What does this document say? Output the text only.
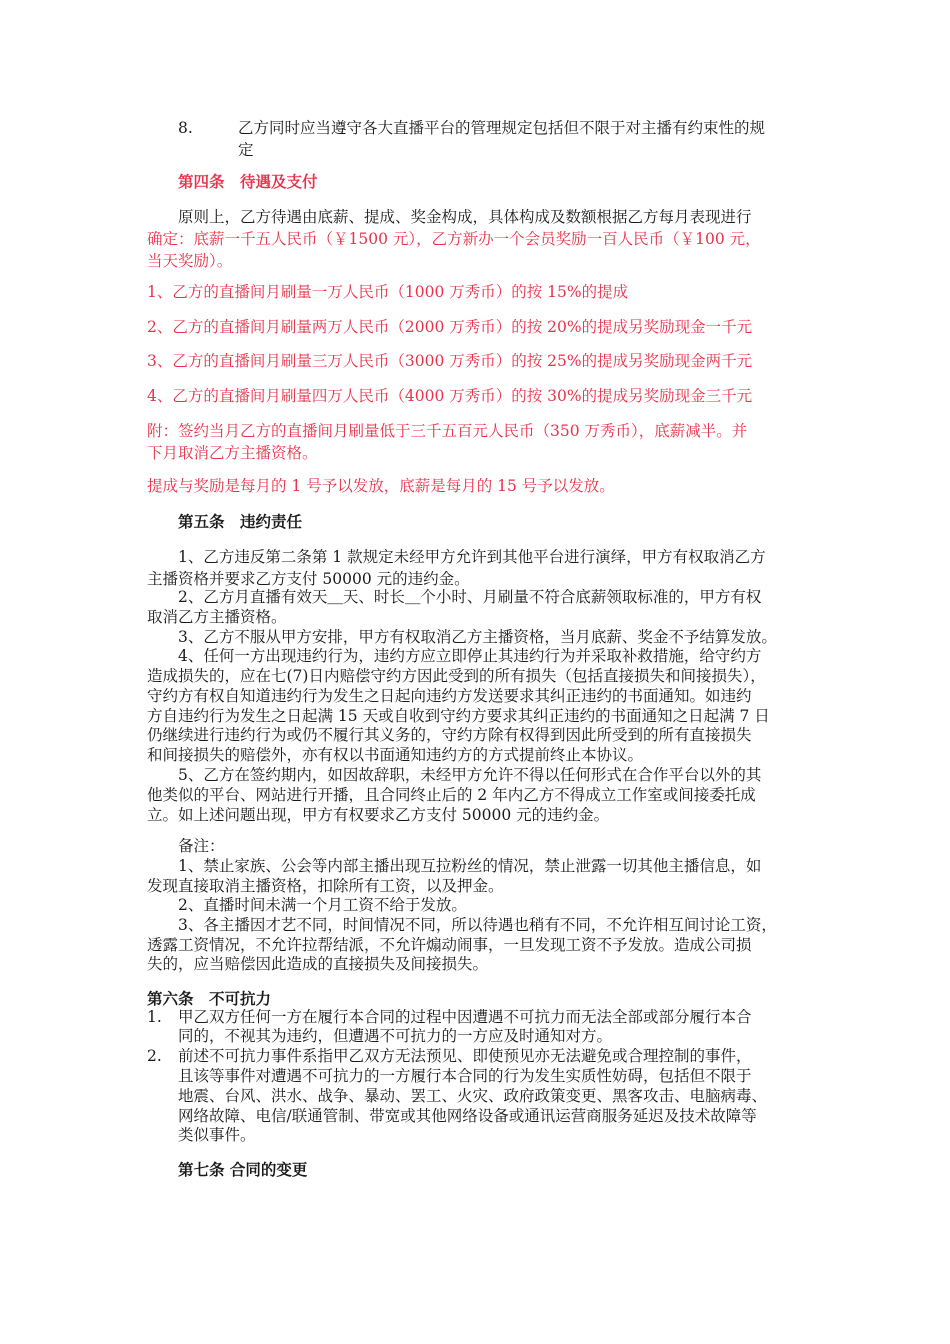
8.	乙方同时应当遵守各大直播平台的管理规定包括但不限于对主播有约束性的规
定
第四条　待遇及支付
原则上，乙方待遇由底薪、提成、奖金构成，具体构成及数额根据乙方每月表现进行
确定：底薪一千五人民币（￥1500 元），乙方新办一个会员奖励一百人民币（￥100 元，
当天奖励）。
1、乙方的直播间月刷量一万人民币（1000 万秀币）的按 15%的提成
2、乙方的直播间月刷量两万人民币（2000 万秀币）的按 20%的提成另奖励现金一千元
3、乙方的直播间月刷量三万人民币（3000 万秀币）的按 25%的提成另奖励现金两千元
4、乙方的直播间月刷量四万人民币（4000 万秀币）的按 30%的提成另奖励现金三千元
附：签约当月乙方的直播间月刷量低于三千五百元人民币（350 万秀币），底薪减半。并
下月取消乙方主播资格。
提成与奖励是每月的 1 号予以发放，底薪是每月的 15 号予以发放。
第五条　违约责任
1、乙方违反第二条第 1 款规定未经甲方允许到其他平台进行演绎，甲方有权取消乙方
主播资格并要求乙方支付 50000 元的违约金。
2、乙方月直播有效天＿天、时长＿个小时、月刷量不符合底薪领取标准的，甲方有权
取消乙方主播资格。
3、乙方不服从甲方安排，甲方有权取消乙方主播资格，当月底薪、奖金不予结算发放。
4、任何一方出现违约行为，违约方应立即停止其违约行为并采取补救措施，给守约方
造成损失的，应在七(7)日内赔偿守约方因此受到的所有损失（包括直接损失和间接损失），
守约方有权自知道违约行为发生之日起向违约方发送要求其纠正违约的书面通知。如违约
方自违约行为发生之日起满 15 天或自收到守约方要求其纠正违约的书面通知之日起满 7 日
仍继续进行违约行为或仍不履行其义务的，守约方除有权得到因此所受到的所有直接损失
和间接损失的赔偿外，亦有权以书面通知违约方的方式提前终止本协议。
5、乙方在签约期内，如因故辞职，未经甲方允许不得以任何形式在合作平台以外的其
他类似的平台、网站进行开播，且合同终止后的 2 年内乙方不得成立工作室或间接委托成
立。如上述问题出现，甲方有权要求乙方支付 50000 元的违约金。
备注：
1、禁止家族、公会等内部主播出现互拉粉丝的情况，禁止泄露一切其他主播信息，如
发现直接取消主播资格，扣除所有工资，以及押金。
2、直播时间未满一个月工资不给于发放。
3、各主播因才艺不同，时间情况不同，所以待遇也稍有不同，不允许相互间讨论工资，
透露工资情况，不允许拉帮结派，不允许煽动闹事，一旦发现工资不予发放。造成公司损
失的，应当赔偿因此造成的直接损失及间接损失。
第六条　不可抗力
1. 甲乙双方任何一方在履行本合同的过程中因遭遇不可抗力而无法全部或部分履行本合
同的，不视其为违约，但遭遇不可抗力的一方应及时通知对方。
2. 前述不可抗力事件系指甲乙双方无法预见、即使预见亦无法避免或合理控制的事件，
且该等事件对遭遇不可抗力的一方履行本合同的行为发生实质性妨碍，包括但不限于
地震、台风、洪水、战争、暴动、罢工、火灾、政府政策变更、黑客攻击、电脑病毒、
网络故障、电信/联通管制、带宽或其他网络设备或通讯运营商服务延迟及技术故障等
类似事件。
第七条 合同的变更
